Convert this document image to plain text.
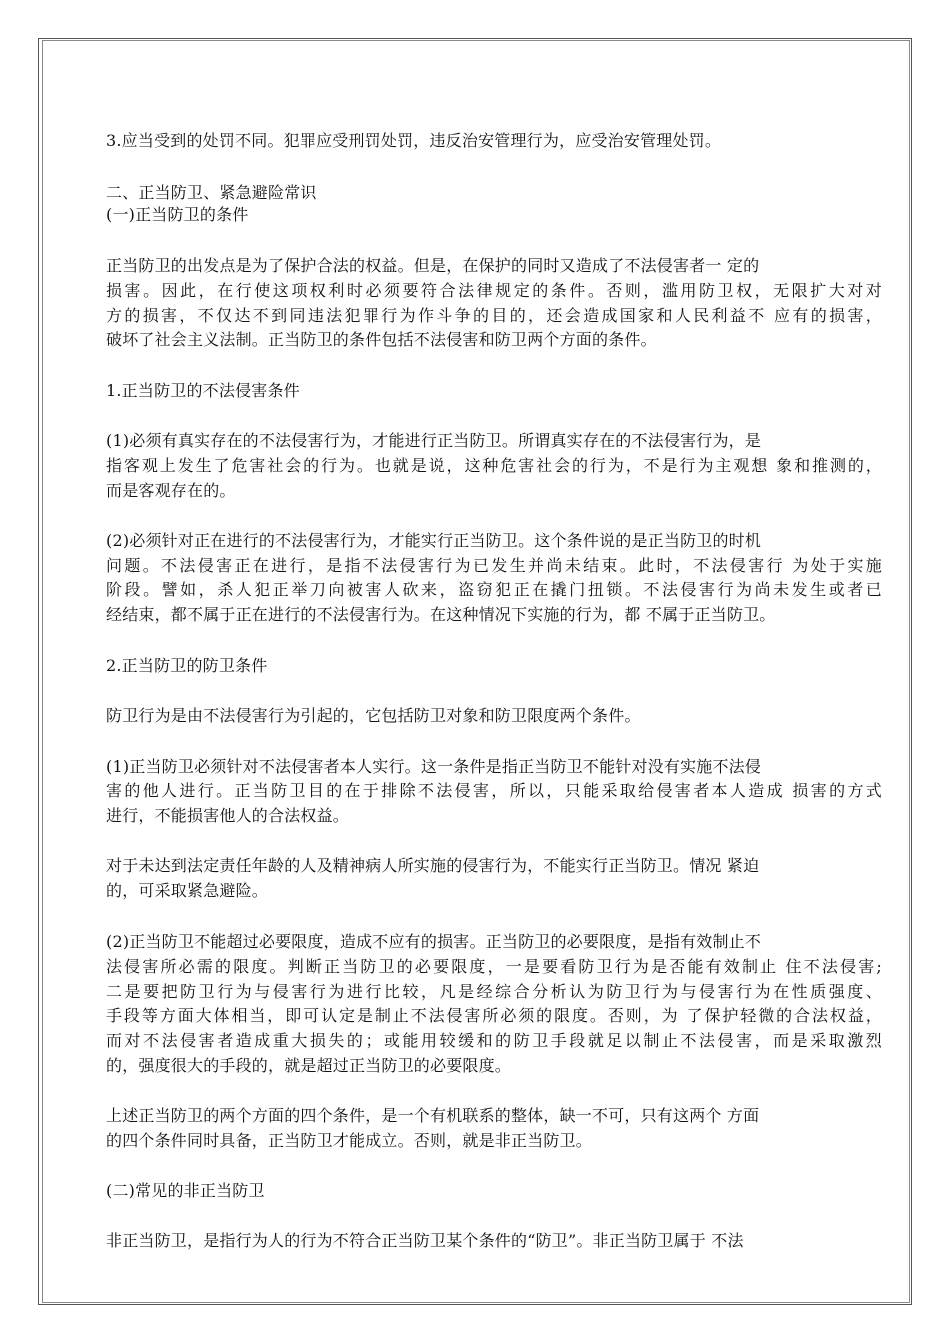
3.应当受到的处罚不同。犯罪应受刑罚处罚，违反治安管理行为，应受治安管理处罚。
二、正当防卫、紧急避险常识
(一)正当防卫的条件
正当防卫的出发点是为了保护合法的权益。但是，在保护的同时又造成了不法侵害者一 定的
损害。因此，在行使这项权利时必须要符合法律规定的条件。否则，滥用防卫权，无限扩大对对
方的损害，不仅达不到同违法犯罪行为作斗争的目的，还会造成国家和人民利益不 应有的损害，
破坏了社会主义法制。正当防卫的条件包括不法侵害和防卫两个方面的条件。
1.正当防卫的不法侵害条件
(1)必须有真实存在的不法侵害行为，才能进行正当防卫。所谓真实存在的不法侵害行为，是
指客观上发生了危害社会的行为。也就是说，这种危害社会的行为，不是行为主观想 象和推测的，
而是客观存在的。
(2)必须针对正在进行的不法侵害行为，才能实行正当防卫。这个条件说的是正当防卫的时机
问题。不法侵害正在进行，是指不法侵害行为已发生并尚未结束。此时，不法侵害行 为处于实施
阶段。譬如，杀人犯正举刀向被害人砍来，盗窃犯正在撬门扭锁。不法侵害行为尚未发生或者已
经结束，都不属于正在进行的不法侵害行为。在这种情况下实施的行为，都 不属于正当防卫。
2.正当防卫的防卫条件
防卫行为是由不法侵害行为引起的，它包括防卫对象和防卫限度两个条件。
(1)正当防卫必须针对不法侵害者本人实行。这一条件是指正当防卫不能针对没有实施不法侵
害的他人进行。正当防卫目的在于排除不法侵害，所以，只能采取给侵害者本人造成 损害的方式
进行，不能损害他人的合法权益。
对于未达到法定责任年龄的人及精神病人所实施的侵害行为，不能实行正当防卫。情况 紧迫
的，可采取紧急避险。
(2)正当防卫不能超过必要限度，造成不应有的损害。正当防卫的必要限度，是指有效制止不
法侵害所必需的限度。判断正当防卫的必要限度，一是要看防卫行为是否能有效制止 住不法侵害;
二是要把防卫行为与侵害行为进行比较，凡是经综合分析认为防卫行为与侵害行为在性质强度、
手段等方面大体相当，即可认定是制止不法侵害所必须的限度。否则，为 了保护轻微的合法权益，
而对不法侵害者造成重大损失的；或能用较缓和的防卫手段就足以制止不法侵害，而是采取激烈
的，强度很大的手段的，就是超过正当防卫的必要限度。
上述正当防卫的两个方面的四个条件，是一个有机联系的整体，缺一不可，只有这两个 方面
的四个条件同时具备，正当防卫才能成立。否则，就是非正当防卫。
(二)常见的非正当防卫
非正当防卫，是指行为人的行为不符合正当防卫某个条件的“防卫”。非正当防卫属于 不法
